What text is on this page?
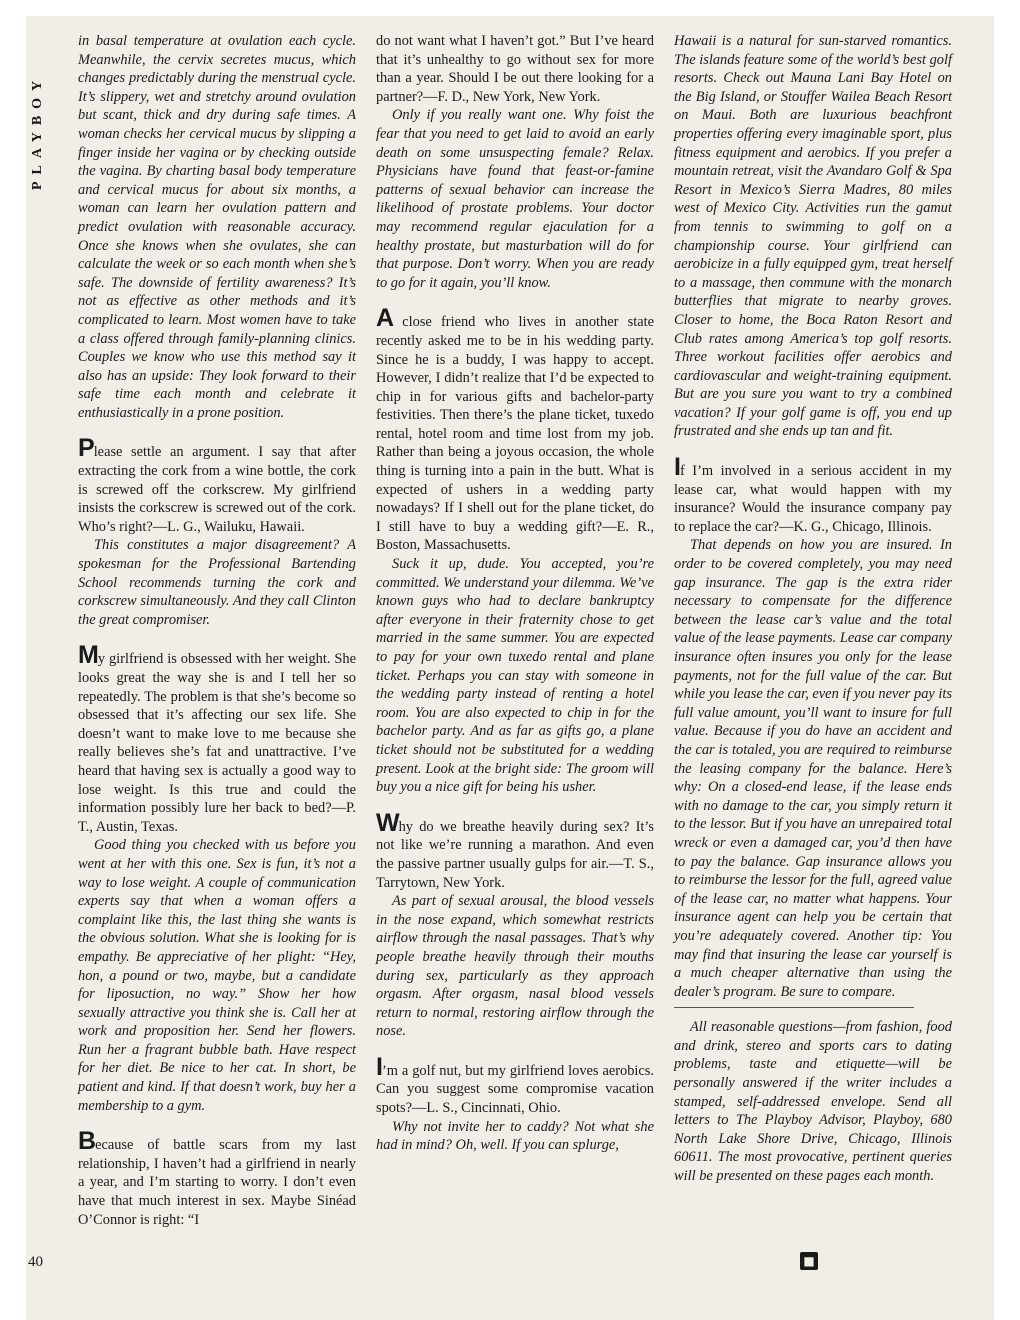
PLAYBOY
40

in basal temperature at ovulation each cycle. Meanwhile, the cervix secretes mucus, which changes predictably during the menstrual cycle. It’s slippery, wet and stretchy around ovulation but scant, thick and dry during safe times. A woman checks her cervical mucus by slipping a finger inside her vagina or by checking outside the vagina. By charting basal body temperature and cervical mucus for about six months, a woman can learn her ovulation pattern and predict ovulation with reasonable accuracy. Once she knows when she ovulates, she can calculate the week or so each month when she’s safe. The downside of fertility awareness? It’s not as effective as other methods and it’s complicated to learn. Most women have to take a class offered through family-planning clinics. Couples we know who use this method say it also has an upside: They look forward to their safe time each month and celebrate it enthusiastically in a prone position.

Please settle an argument. I say that after extracting the cork from a wine bottle, the cork is screwed off the corkscrew. My girlfriend insists the corkscrew is screwed out of the cork. Who’s right?—L. G., Wailuku, Hawaii.

This constitutes a major disagreement? A spokesman for the Professional Bartending School recommends turning the cork and corkscrew simultaneously. And they call Clinton the great compromiser.

My girlfriend is obsessed with her weight. She looks great the way she is and I tell her so repeatedly. The problem is that she’s become so obsessed that it’s affecting our sex life. She doesn’t want to make love to me because she really believes she’s fat and unattractive. I’ve heard that having sex is actually a good way to lose weight. Is this true and could the information possibly lure her back to bed?—P. T., Austin, Texas.

Good thing you checked with us before you went at her with this one. Sex is fun, it’s not a way to lose weight. A couple of communication experts say that when a woman offers a complaint like this, the last thing she wants is the obvious solution. What she is looking for is empathy. Be appreciative of her plight: “Hey, hon, a pound or two, maybe, but a candidate for liposuction, no way.” Show her how sexually attractive you think she is. Call her at work and proposition her. Send her flowers. Run her a fragrant bubble bath. Have respect for her diet. Be nice to her cat. In short, be patient and kind. If that doesn’t work, buy her a membership to a gym.

Because of battle scars from my last relationship, I haven’t had a girlfriend in nearly a year, and I’m starting to worry. I don’t even have that much interest in sex. Maybe Sinéad O’Connor is right: “I

do not want what I haven’t got.” But I’ve heard that it’s unhealthy to go without sex for more than a year. Should I be out there looking for a partner?—F. D., New York, New York.

Only if you really want one. Why foist the fear that you need to get laid to avoid an early death on some unsuspecting female? Relax. Physicians have found that feast-or-famine patterns of sexual behavior can increase the likelihood of prostate problems. Your doctor may recommend regular ejaculation for a healthy prostate, but masturbation will do for that purpose. Don’t worry. When you are ready to go for it again, you’ll know.

A close friend who lives in another state recently asked me to be in his wedding party. Since he is a buddy, I was happy to accept. However, I didn’t realize that I’d be expected to chip in for various gifts and bachelor-party festivities. Then there’s the plane ticket, tuxedo rental, hotel room and time lost from my job. Rather than being a joyous occasion, the whole thing is turning into a pain in the butt. What is expected of ushers in a wedding party nowadays? If I shell out for the plane ticket, do I still have to buy a wedding gift?—E. R., Boston, Massachusetts.

Suck it up, dude. You accepted, you’re committed. We understand your dilemma. We’ve known guys who had to declare bankruptcy after everyone in their fraternity chose to get married in the same summer. You are expected to pay for your own tuxedo rental and plane ticket. Perhaps you can stay with someone in the wedding party instead of renting a hotel room. You are also expected to chip in for the bachelor party. And as far as gifts go, a plane ticket should not be substituted for a wedding present. Look at the bright side: The groom will buy you a nice gift for being his usher.

Why do we breathe heavily during sex? It’s not like we’re running a marathon. And even the passive partner usually gulps for air.—T. S., Tarrytown, New York.

As part of sexual arousal, the blood vessels in the nose expand, which somewhat restricts airflow through the nasal passages. That’s why people breathe heavily through their mouths during sex, particularly as they approach orgasm. After orgasm, nasal blood vessels return to normal, restoring airflow through the nose.

I’m a golf nut, but my girlfriend loves aerobics. Can you suggest some compromise vacation spots?—L. S., Cincinnati, Ohio.

Why not invite her to caddy? Not what she had in mind? Oh, well. If you can splurge,

Hawaii is a natural for sun-starved romantics. The islands feature some of the world’s best golf resorts. Check out Mauna Lani Bay Hotel on the Big Island, or Stouffer Wailea Beach Resort on Maui. Both are luxurious beachfront properties offering every imaginable sport, plus fitness equipment and aerobics. If you prefer a mountain retreat, visit the Avandaro Golf & Spa Resort in Mexico’s Sierra Madres, 80 miles west of Mexico City. Activities run the gamut from tennis to swimming to golf on a championship course. Your girlfriend can aerobicize in a fully equipped gym, treat herself to a massage, then commune with the monarch butterflies that migrate to nearby groves. Closer to home, the Boca Raton Resort and Club rates among America’s top golf resorts. Three workout facilities offer aerobics and cardiovascular and weight-training equipment. But are you sure you want to try a combined vacation? If your golf game is off, you end up frustrated and she ends up tan and fit.

If I’m involved in a serious accident in my lease car, what would happen with my insurance? Would the insurance company pay to replace the car?—K. G., Chicago, Illinois.

That depends on how you are insured. In order to be covered completely, you may need gap insurance. The gap is the extra rider necessary to compensate for the difference between the lease car’s value and the total value of the lease payments. Lease car company insurance often insures you only for the lease payments, not for the full value of the car. But while you lease the car, even if you never pay its full value amount, you’ll want to insure for full value. Because if you do have an accident and the car is totaled, you are required to reimburse the leasing company for the balance. Here’s why: On a closed-end lease, if the lease ends with no damage to the car, you simply return it to the lessor. But if you have an unrepaired total wreck or even a damaged car, you’d then have to pay the balance. Gap insurance allows you to reimburse the lessor for the full, agreed value of the lease car, no matter what happens. Your insurance agent can help you be certain that you’re adequately covered. Another tip: You may find that insuring the lease car yourself is a much cheaper alternative than using the dealer’s program. Be sure to compare.

All reasonable questions—from fashion, food and drink, stereo and sports cars to dating problems, taste and etiquette—will be personally answered if the writer includes a stamped, self-addressed envelope. Send all letters to The Playboy Advisor, Playboy, 680 North Lake Shore Drive, Chicago, Illinois 60611. The most provocative, pertinent queries will be presented on these pages each month.

■
